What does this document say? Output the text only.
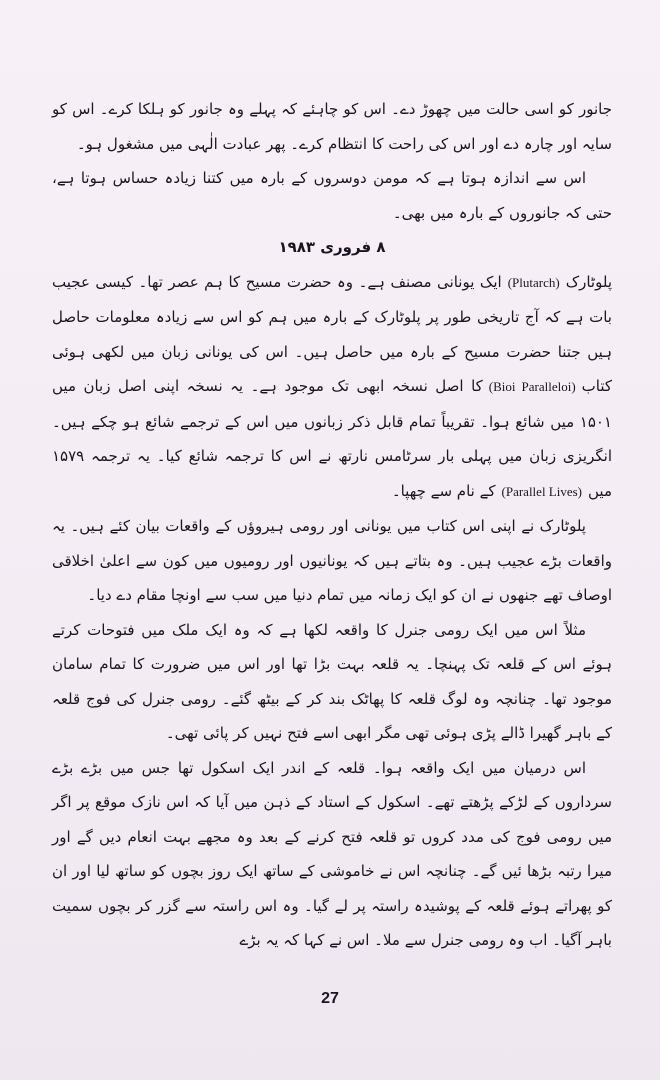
جانور کو اسی حالت میں چھوڑ دے۔ اس کو چاہئے کہ پہلے وہ جانور کو ہلکا کرے۔ اس کو سایہ اور چارہ دے اور اس کی راحت کا انتظام کرے۔ پھر عبادت الٰہی میں مشغول ہو۔

اس سے اندازہ ہوتا ہے کہ مومن دوسروں کے بارہ میں کتنا زیادہ حساس ہوتا ہے، حتی کہ جانوروں کے بارہ میں بھی۔

۸ فروری ۱۹۸۳

پلوٹارک(Plutarch)ایک یونانی مصنف ہے۔ وہ حضرت مسیح کا ہم عصر تھا۔ کیسی عجیب بات ہے کہ آج تاریخی طور پر پلوٹارک کے بارہ میں ہم کو اس سے زیادہ معلومات حاصل ہیں جتنا حضرت مسیح کے بارہ میں حاصل ہیں۔ اس کی یونانی زبان میں لکھی ہوئی کتاب(Bioi Paralleloi)کا اصل نسخہ ابھی تک موجود ہے۔ یہ نسخہ اپنی اصل زبان میں ۱۵۰۱ میں شائع ہوا۔ تقریباً تمام قابل ذکر زبانوں میں اس کے ترجمے شائع ہو چکے ہیں۔ انگریزی زبان میں پہلی بار سرٹامس نارتھ نے اس کا ترجمہ شائع کیا۔ یہ ترجمہ ۱۵۷۹ میں(Parallel Lives)کے نام سے چھپا۔

پلوٹارک نے اپنی اس کتاب میں یونانی اور رومی ہیروؤں کے واقعات بیان کئے ہیں۔ یہ واقعات بڑے عجیب ہیں۔ وہ بتاتے ہیں کہ یونانیوں اور رومیوں میں کون سے اعلیٰ اخلاقی اوصاف تھے جنھوں نے ان کو ایک زمانہ میں تمام دنیا میں سب سے اونچا مقام دے دیا۔

مثلاً اس میں ایک رومی جنرل کا واقعہ لکھا ہے کہ وہ ایک ملک میں فتوحات کرتے ہوئے اس کے قلعہ تک پہنچا۔ یہ قلعہ بہت بڑا تھا اور اس میں ضرورت کا تمام سامان موجود تھا۔ چنانچہ وہ لوگ قلعہ کا پھاٹک بند کر کے بیٹھ گئے۔ رومی جنرل کی فوج قلعہ کے باہر گھیرا ڈالے پڑی ہوئی تھی مگر ابھی اسے فتح نہیں کر پائی تھی۔

اس درمیان میں ایک واقعہ ہوا۔ قلعہ کے اندر ایک اسکول تھا جس میں بڑے بڑے سرداروں کے لڑکے پڑھتے تھے۔ اسکول کے استاد کے ذہن میں آیا کہ اس نازک موقع پر اگر میں رومی فوج کی مدد کروں تو قلعہ فتح کرنے کے بعد وہ مجھے بہت انعام دیں گے اور میرا رتبہ بڑھا ئیں گے۔ چنانچہ اس نے خاموشی کے ساتھ ایک روز بچوں کو ساتھ لیا اور ان کو پھراتے ہوئے قلعہ کے پوشیدہ راستہ پر لے گیا۔ وہ اس راستہ سے گزر کر بچوں سمیت باہر آگیا۔ اب وہ رومی جنرل سے ملا۔ اس نے کہا کہ یہ بڑے

27
